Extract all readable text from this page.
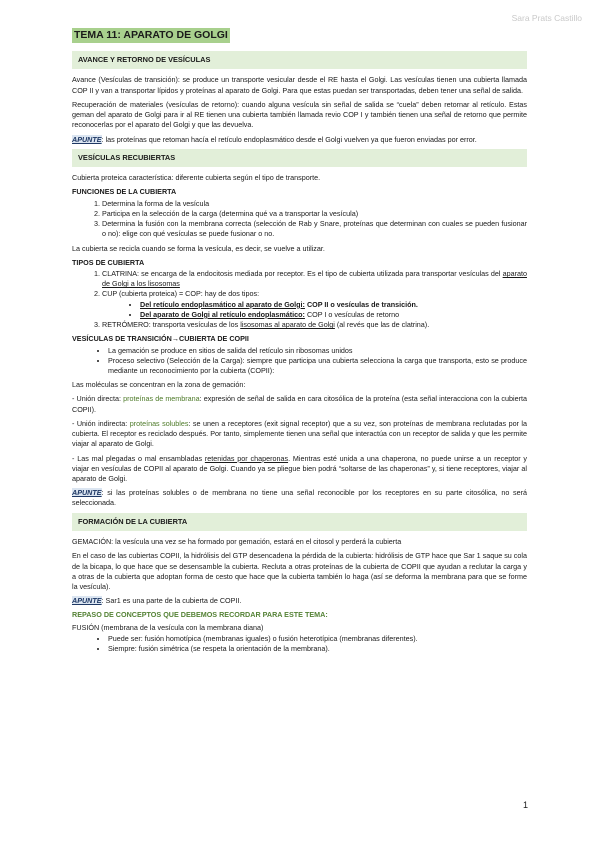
Sara Prats Castillo
TEMA 11: APARATO DE GOLGI
AVANCE Y RETORNO DE VESÍCULAS

Avance (Vesículas de transición): se produce un transporte vesicular desde el RE hasta el Golgi. Las vesículas tienen una cubierta llamada COP II y van a transportar lípidos y proteínas al aparato de Golgi. Para que estas puedan ser transportadas, deben tener una señal de salida.

Recuperación de materiales (vesículas de retorno): cuando alguna vesícula sin señal de salida se “cuela” deben retornar al retículo. Estas geman del aparato de Golgi para ir al RE tienen una cubierta también llamada revio COP I y también tienen una señal de retorno que permite reconocerlas por el aparato del Golgi y que las devuelva.

APUNTE: las proteínas que retoman hacía el retículo endoplasmático desde el Golgi vuelven ya que fueron enviadas por error.

VESÍCULAS RECUBIERTAS

Cubierta proteica característica: diferente cubierta según el tipo de transporte.

FUNCIONES DE LA CUBIERTA
1. Determina la forma de la vesícula
2. Participa en la selección de la carga (determina qué va a transportar la vesícula)
3. Determina la fusión con la membrana correcta (selección de Rab y Snare, proteínas que determinan con cuales se pueden fusionar o no): elige con qué vesículas se puede fusionar o no.

La cubierta se recicla cuando se forma la vesícula, es decir, se vuelve a utilizar.

TIPOS DE CUBIERTA
1. CLATRINA: se encarga de la endocitosis mediada por receptor. Es el tipo de cubierta utilizada para transportar vesículas del aparato de Golgi a los lisosomas
2. CUP (cubierta proteica) = COP: hay de dos tipos:
• Del retículo endoplasmático al aparato de Golgi: COP II o vesículas de transición.
• Del aparato de Golgi al retículo endoplasmático: COP I o vesículas de retorno
3. RETRÓMERO: transporta vesículas de los lisosomas al aparato de Golgi (al revés que las de clatrina).
VESÍCULAS DE TRANSICIÓN→CUBIERTA DE COPII
• La gemación se produce en sitios de salida del retículo sin ribosomas unidos
• Proceso selectivo (Selección de la Carga): siempre que participa una cubierta selecciona la carga que transporta, esto se produce mediante un reconocimiento por la cubierta (COPII):

Las moléculas se concentran en la zona de gemación:

- Unión directa: proteínas de membrana: expresión de señal de salida en cara citosólica de la proteína (esta señal interacciona con la cubierta COPII).

- Unión indirecta: proteínas solubles: se unen a receptores (exit signal receptor) que a su vez, son proteínas de membrana reclutadas por la cubierta. El receptor es reciclado después. Por tanto, simplemente tienen una señal que interactúa con un receptor de salida y que les permite viajar al aparato de Golgi.

- Las mal plegadas o mal ensambladas retenidas por chaperonas. Mientras esté unida a una chaperona, no puede unirse a un receptor y viajar en vesículas de COPII al aparato de Golgi. Cuando ya se pliegue bien podrá “soltarse de las chaperonas” y, si tiene receptores, viajar al aparato de Golgi.

APUNTE: si las proteínas solubles o de membrana no tiene una señal reconocible por los receptores en su parte citosólica, no será seleccionada.

FORMACIÓN DE LA CUBIERTA

GEMACIÓN: la vesícula una vez se ha formado por gemación, estará en el citosol y perderá la cubierta

En el caso de las cubiertas COPII, la hidrólisis del GTP desencadena la pérdida de la cubierta: hidrólisis de GTP hace que Sar 1 saque su cola de la bicapa, lo que hace que se desensamble la cubierta. Recluta a otras proteínas de la cubierta de COPII que ayudan a reclutar la carga y a otras de la cubierta que adoptan forma de cesto que hace que la cubierta también lo haga (así se deforma la membrana para que se forme la vesícula).

APUNTE: Sar1 es una parte de la cubierta de COPII.

REPASO DE CONCEPTOS QUE DEBEMOS RECORDAR PARA ESTE TEMA:

FUSIÓN (membrana de la vesícula con la membrana diana)

• Puede ser: fusión homotípica (membranas iguales) o fusión heterotípica (membranas diferentes).
• Siempre: fusión simétrica (se respeta la orientación de la membrana).
1
